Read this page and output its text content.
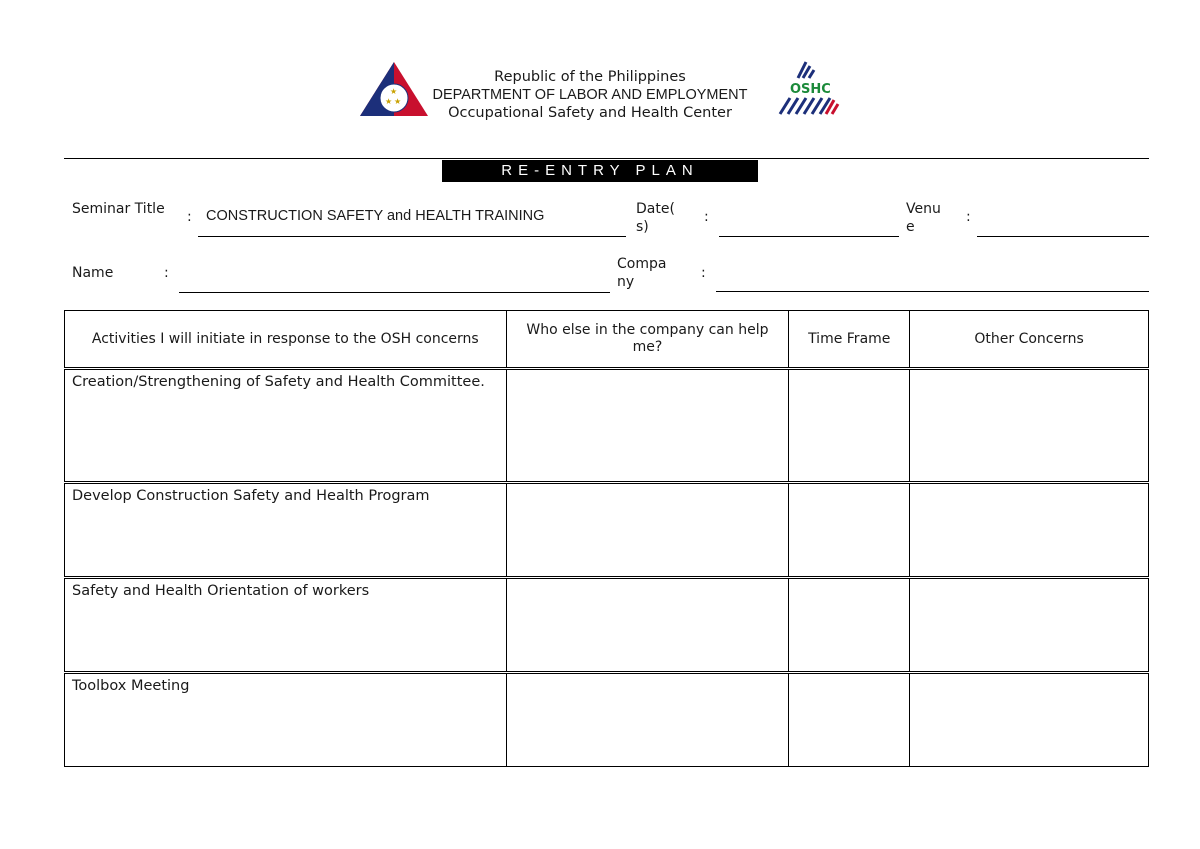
★
★ ★
Republic of the Philippines
DEPARTMENT OF LABOR AND EMPLOYMENT
Occupational Safety and Health Center
OSHC
RE-ENTRY PLAN
Seminar Title : CONSTRUCTION SAFETY and HEALTH TRAINING	Date(
s)
:	Venu
e
:
Name	:
Compa
ny
:
Activities I will initiate in response to the OSH concerns	Who else in the company can help me?	Time Frame	Other Concerns
Creation/Strengthening of Safety and Health Committee.			
Develop Construction Safety and Health Program			
Safety and Health Orientation of workers			
Toolbox Meeting			
